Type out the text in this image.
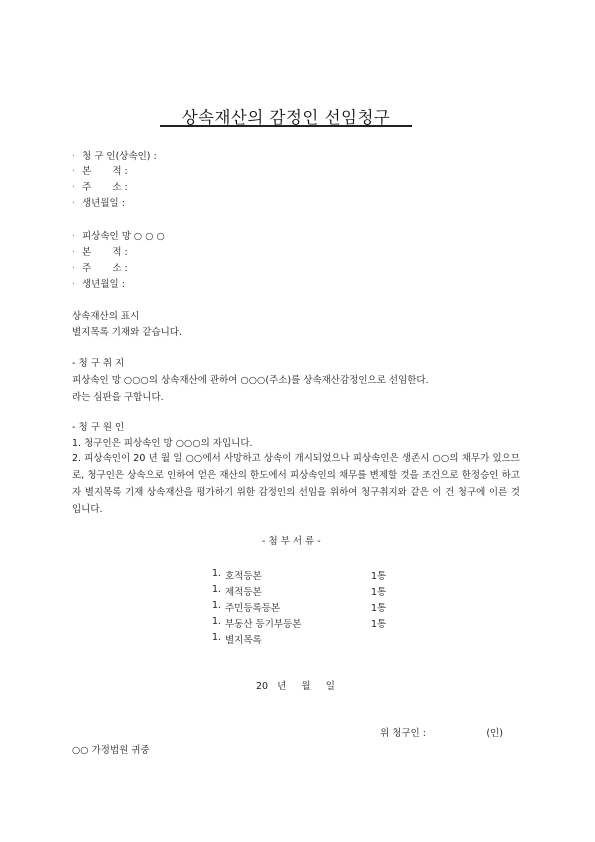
상속재산의 감정인 선임청구
· 청 구 인(상속인) :
· 본       적 :
· 주       소 :
· 생년월일 :
· 피상속인 망 ○ ○ ○
· 본       적 :
· 주       소 :
· 생년월일 :
상속재산의 표시
별지목록 기재와 같습니다.
- 청 구 취 지
피상속인 망 ○○○의 상속재산에 관하여 ○○○(주소)를 상속재산감정인으로 선임한다.
라는 심판을 구합니다.
- 청 구 원 인
1. 청구인은 피상속인 망 ○○○의 자입니다.
2. 피상속인이 20 년 월 일 ○○에서 사망하고 상속이 개시되었으나 피상속인은 생존시 ○○의 채무가 있으므로, 청구인은 상속으로 인하여 얻은 재산의 한도에서 피상속인의 채무를 변제할 것을 조건으로 한정승인 하고자 별지목록 기재 상속재산을 평가하기 위한 감정인의 선임을 위하여 청구취지와 같은 이 건 청구에 이른 것입니다.
- 첨 부 서 류 -
1. 호적등본	1통
1. 제적등본	1통
1. 주민등록등본	1통
1. 부동산 등기부등본	1통
1. 별지목록
20   년     월     일
위 청구인 :                    (인)
○○ 가정법원 귀중
